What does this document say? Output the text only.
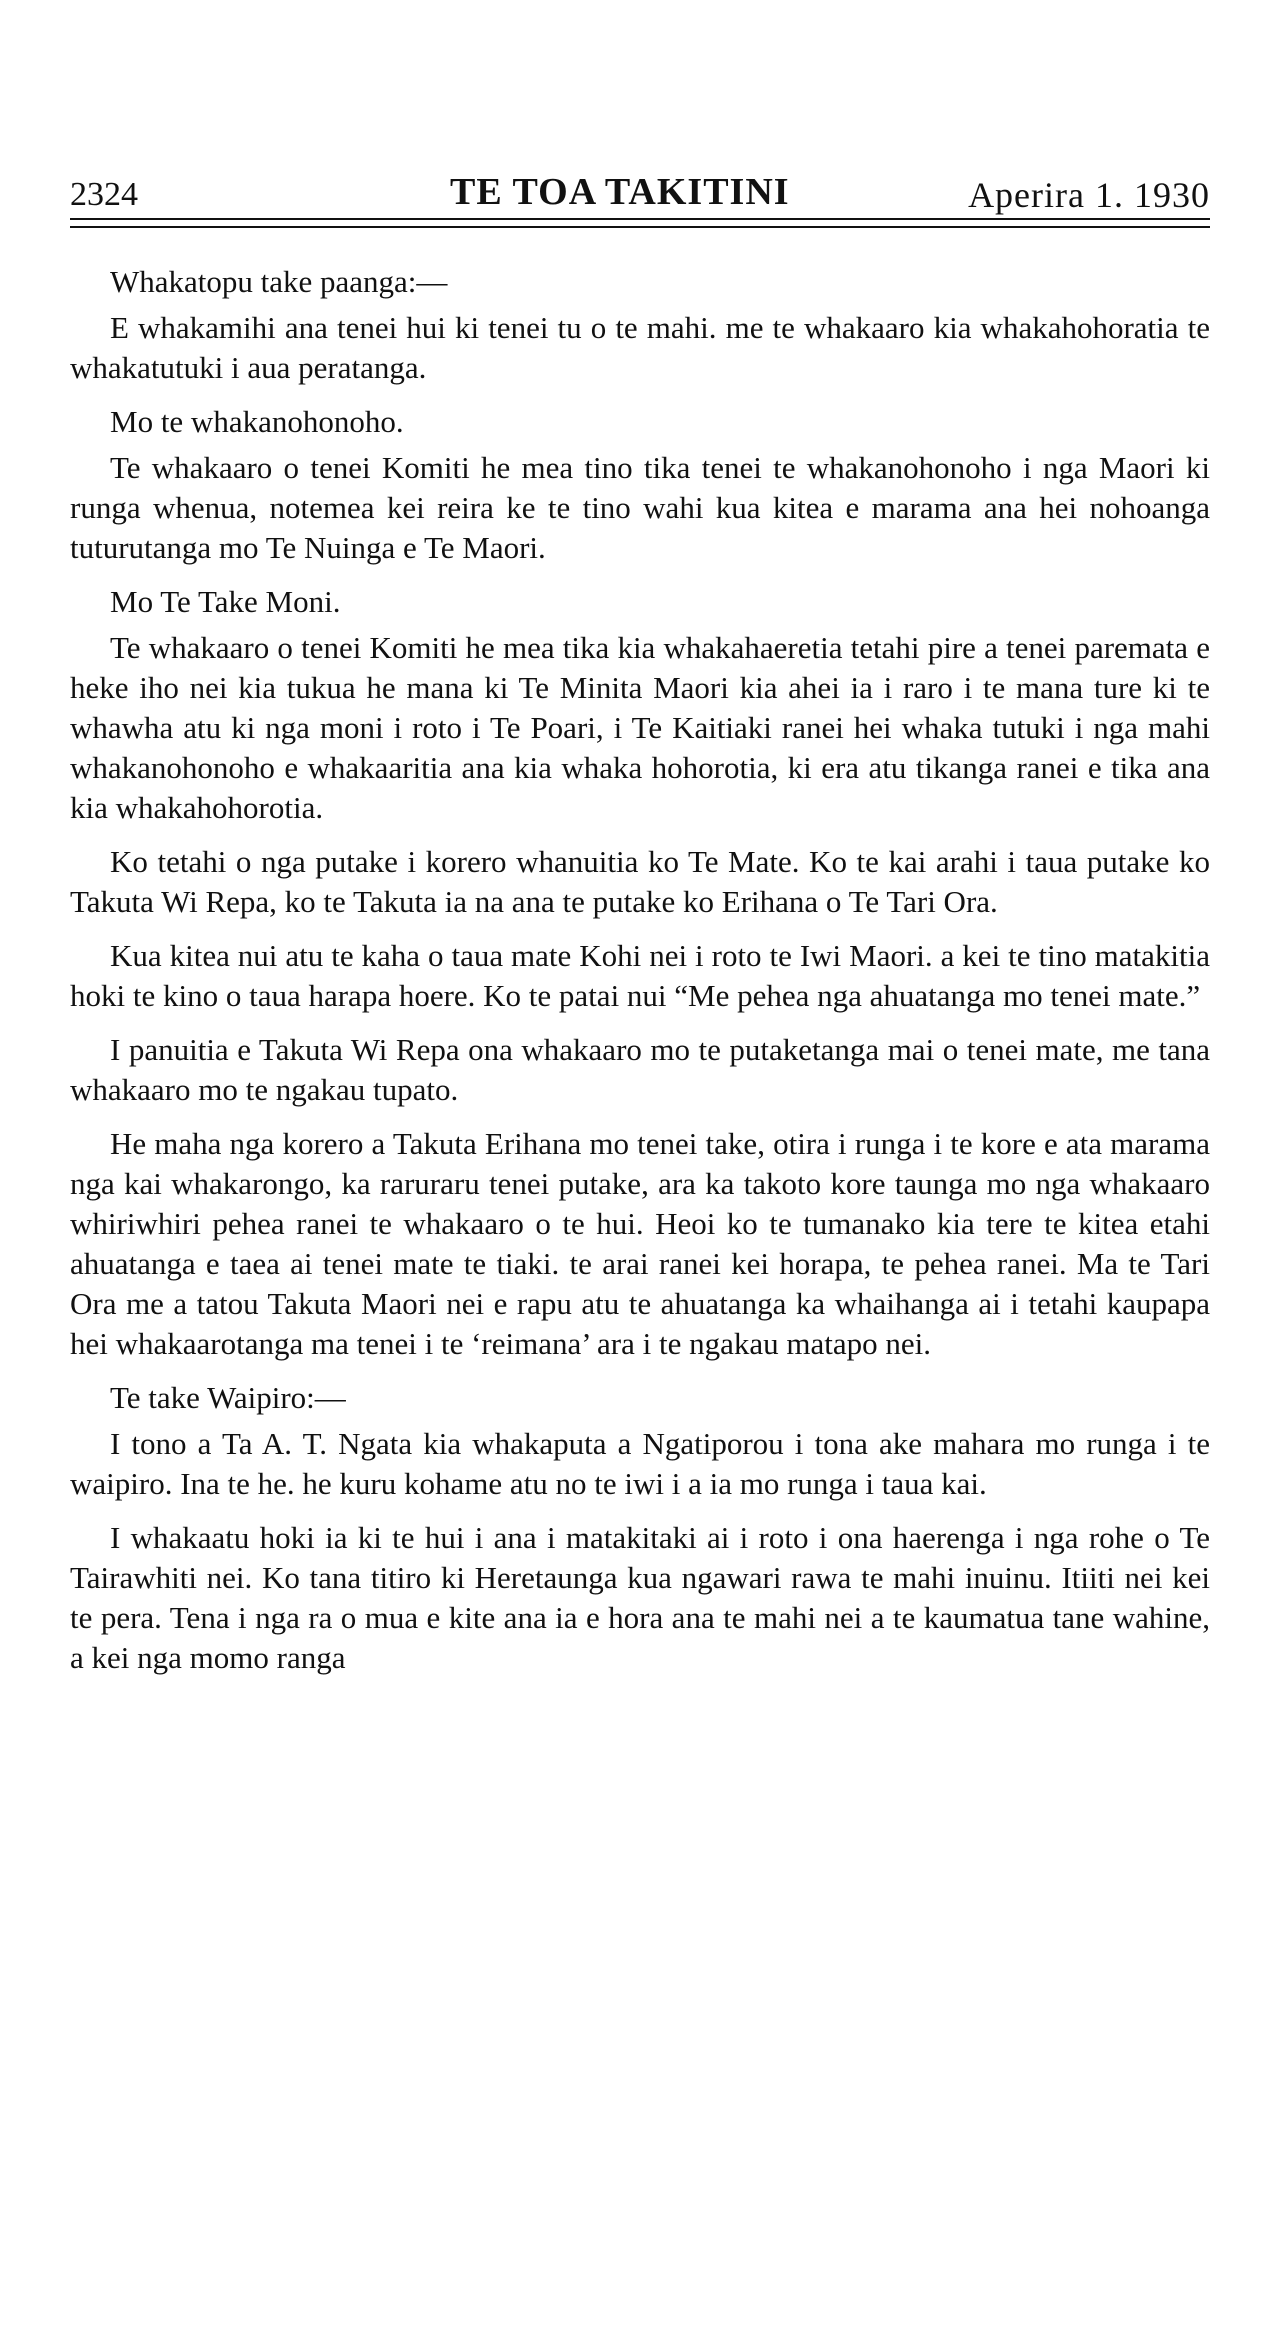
2324	TE TOA TAKITINI	Aperira 1. 1930

Whakatopu take paanga:—

E whakamihi ana tenei hui ki tenei tu o te mahi. me te whakaaro kia whakahohoratia te whakatutuki i aua peratanga.

Mo te whakanohonoho.

Te whakaaro o tenei Komiti he mea tino tika tenei te whakanohonoho i nga Maori ki runga whenua, notemea kei reira ke te tino wahi kua kitea e marama ana hei nohoanga tuturutanga mo Te Nuinga e Te Maori.

Mo Te Take Moni.

Te whakaaro o tenei Komiti he mea tika kia whakahaeretia tetahi pire a tenei paremata e heke iho nei kia tukua he mana ki Te Minita Maori kia ahei ia i raro i te mana ture ki te whawha atu ki nga moni i roto i Te Poari, i Te Kaitiaki ranei hei whaka tutuki i nga mahi whakanohonoho e whakaaritia ana kia whaka hohorotia, ki era atu tikanga ranei e tika ana kia whakahohorotia.

Ko tetahi o nga putake i korero whanuitia ko Te Mate. Ko te kai arahi i taua putake ko Takuta Wi Repa, ko te Takuta ia na ana te putake ko Erihana o Te Tari Ora.

Kua kitea nui atu te kaha o taua mate Kohi nei i roto te Iwi Maori. a kei te tino matakitia hoki te kino o taua harapa hoere. Ko te patai nui “Me pehea nga ahuatanga mo tenei mate.”

I panuitia e Takuta Wi Repa ona whakaaro mo te putaketanga mai o tenei mate, me tana whakaaro mo te ngakau tupato.

He maha nga korero a Takuta Erihana mo tenei take, otira i runga i te kore e ata marama nga kai whakarongo, ka raruraru tenei putake, ara ka takoto kore taunga mo nga whakaaro whiriwhiri pehea ranei te whakaaro o te hui. Heoi ko te tumanako kia tere te kitea etahi ahuatanga e taea ai tenei mate te tiaki. te arai ranei kei horapa, te pehea ranei. Ma te Tari Ora me a tatou Takuta Maori nei e rapu atu te ahuatanga ka whaihanga ai i tetahi kaupapa hei whakaarotanga ma tenei i te ‘reimana’ ara i te ngakau matapo nei.

Te take Waipiro:—

I tono a Ta A. T. Ngata kia whakaputa a Ngatiporou i tona ake mahara mo runga i te waipiro. Ina te he. he kuru kohame atu no te iwi i a ia mo runga i taua kai.

I whakaatu hoki ia ki te hui i ana i matakitaki ai i roto i ona haerenga i nga rohe o Te Tairawhiti nei. Ko tana titiro ki Heretaunga kua ngawari rawa te mahi inuinu. Itiiti nei kei te pera. Tena i nga ra o mua e kite ana ia e hora ana te mahi nei a te kaumatua tane wahine, a kei nga momo ranga
